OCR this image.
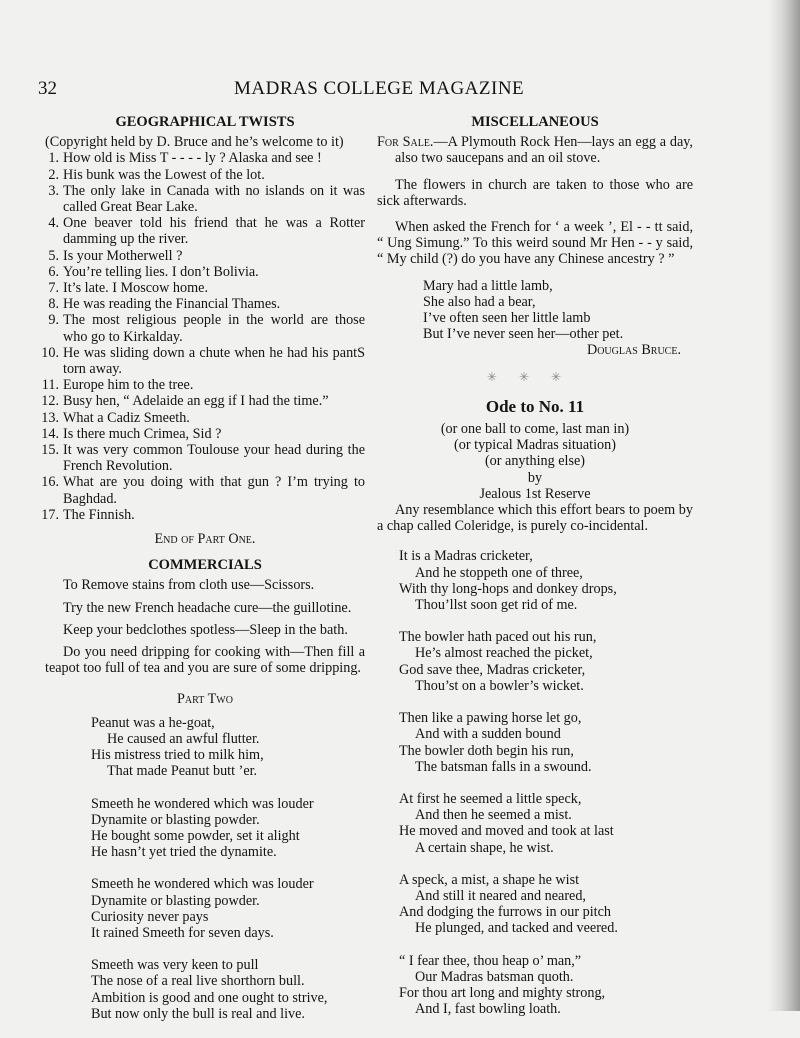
32	MADRAS COLLEGE MAGAZINE
GEOGRAPHICAL TWISTS

(Copyright held by D. Bruce and he’s welcome to it)

1. How old is Miss T - - - - ly ? Alaska and see !
2. His bunk was the Lowest of the lot.
3. The only lake in Canada with no islands on it was called Great Bear Lake.
4. One beaver told his friend that he was a Rotter damming up the river.
5. Is your Motherwell ?
6. You’re telling lies. I don’t Bolivia.
7. It’s late. I Moscow home.
8. He was reading the Financial Thames.
9. The most religious people in the world are those who go to Kirkalday.
10. He was sliding down a chute when he had his pantS torn away.
11. Europe him to the tree.
12. Busy hen, “ Adelaide an egg if I had the time.”
13. What a Cadiz Smeeth.
14. Is there much Crimea, Sid ?
15. It was very common Toulouse your head during the French Revolution.
16. What are you doing with that gun ? I’m trying to Baghdad.
17. The Finnish.
End of Part One.
COMMERCIALS

To Remove stains from cloth use—Scissors.

Try the new French headache cure—the guillotine.

Keep your bedclothes spotless—Sleep in the bath.

Do you need dripping for cooking with—Then fill a teapot too full of tea and you are sure of some dripping.

Part Two
Peanut was a he-goat,
He caused an awful flutter.
His mistress tried to milk him,
That made Peanut butt ’er.
Smeeth he wondered which was louder
Dynamite or blasting powder.
He bought some powder, set it alight
He hasn’t yet tried the dynamite.
Smeeth he wondered which was louder
Dynamite or blasting powder.
Curiosity never pays
It rained Smeeth for seven days.
Smeeth was very keen to pull
The nose of a real live shorthorn bull.
Ambition is good and one ought to strive,
But now only the bull is real and live.
MISCELLANEOUS

For Sale.—A Plymouth Rock Hen—lays an egg a day, also two saucepans and an oil stove.

The flowers in church are taken to those who are sick afterwards.

When asked the French for ‘ a week ’, El - - tt said, “ Ung Simung.” To this weird sound Mr Hen - - y said, “ My child (?) do you have any Chinese ancestry ? ”

Mary had a little lamb,
She also had a bear,
I’ve often seen her little lamb
But I’ve never seen her—other pet.
Douglas Bruce.
✳✳✳
Ode to No. 11
(or one ball to come, last man in)
(or typical Madras situation)
(or anything else)
by
Jealous 1st Reserve

Any resemblance which this effort bears to poem by a chap called Coleridge, is purely co-incidental.

It is a Madras cricketer,
And he stoppeth one of three,
With thy long-hops and donkey drops,
Thou’llst soon get rid of me.
The bowler hath paced out his run,
He’s almost reached the picket,
God save thee, Madras cricketer,
Thou’st on a bowler’s wicket.
Then like a pawing horse let go,
And with a sudden bound
The bowler doth begin his run,
The batsman falls in a swound.
At first he seemed a little speck,
And then he seemed a mist.
He moved and moved and took at last
A certain shape, he wist.
A speck, a mist, a shape he wist
And still it neared and neared,
And dodging the furrows in our pitch
He plunged, and tacked and veered.
“ I fear thee, thou heap o’ man,”
Our Madras batsman quoth.
For thou art long and mighty strong,
And I, fast bowling loath.
